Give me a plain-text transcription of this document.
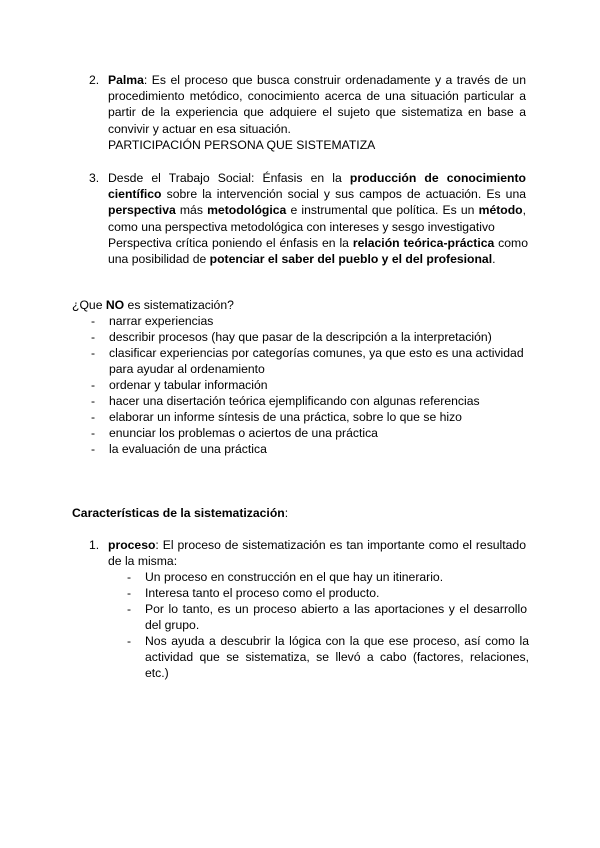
2. Palma: Es el proceso que busca construir ordenadamente y a través de un procedimiento metódico, conocimiento acerca de una situación particular a partir de la experiencia que adquiere el sujeto que sistematiza en base a convivir y actuar en esa situación.
PARTICIPACIÓN PERSONA QUE SISTEMATIZA
3. Desde el Trabajo Social: Énfasis en la producción de conocimiento científico sobre la intervención social y sus campos de actuación. Es una perspectiva más metodológica e instrumental que política. Es un método, como una perspectiva metodológica con intereses y sesgo investigativo
Perspectiva crítica poniendo el énfasis en la relación teórica-práctica como una posibilidad de potenciar el saber del pueblo y el del profesional.
¿Que NO es sistematización?
- narrar experiencias
- describir procesos (hay que pasar de la descripción a la interpretación)
- clasificar experiencias por categorías comunes, ya que esto es una actividad para ayudar al ordenamiento
- ordenar y tabular información
- hacer una disertación teórica ejemplificando con algunas referencias
- elaborar un informe síntesis de una práctica, sobre lo que se hizo
- enunciar los problemas o aciertos de una práctica
- la evaluación de una práctica
Características de la sistematización:
1. proceso: El proceso de sistematización es tan importante como el resultado de la misma:
- Un proceso en construcción en el que hay un itinerario.
- Interesa tanto el proceso como el producto.
- Por lo tanto, es un proceso abierto a las aportaciones y el desarrollo del grupo.
- Nos ayuda a descubrir la lógica con la que ese proceso, así como la actividad que se sistematiza, se llevó a cabo (factores, relaciones, etc.)
